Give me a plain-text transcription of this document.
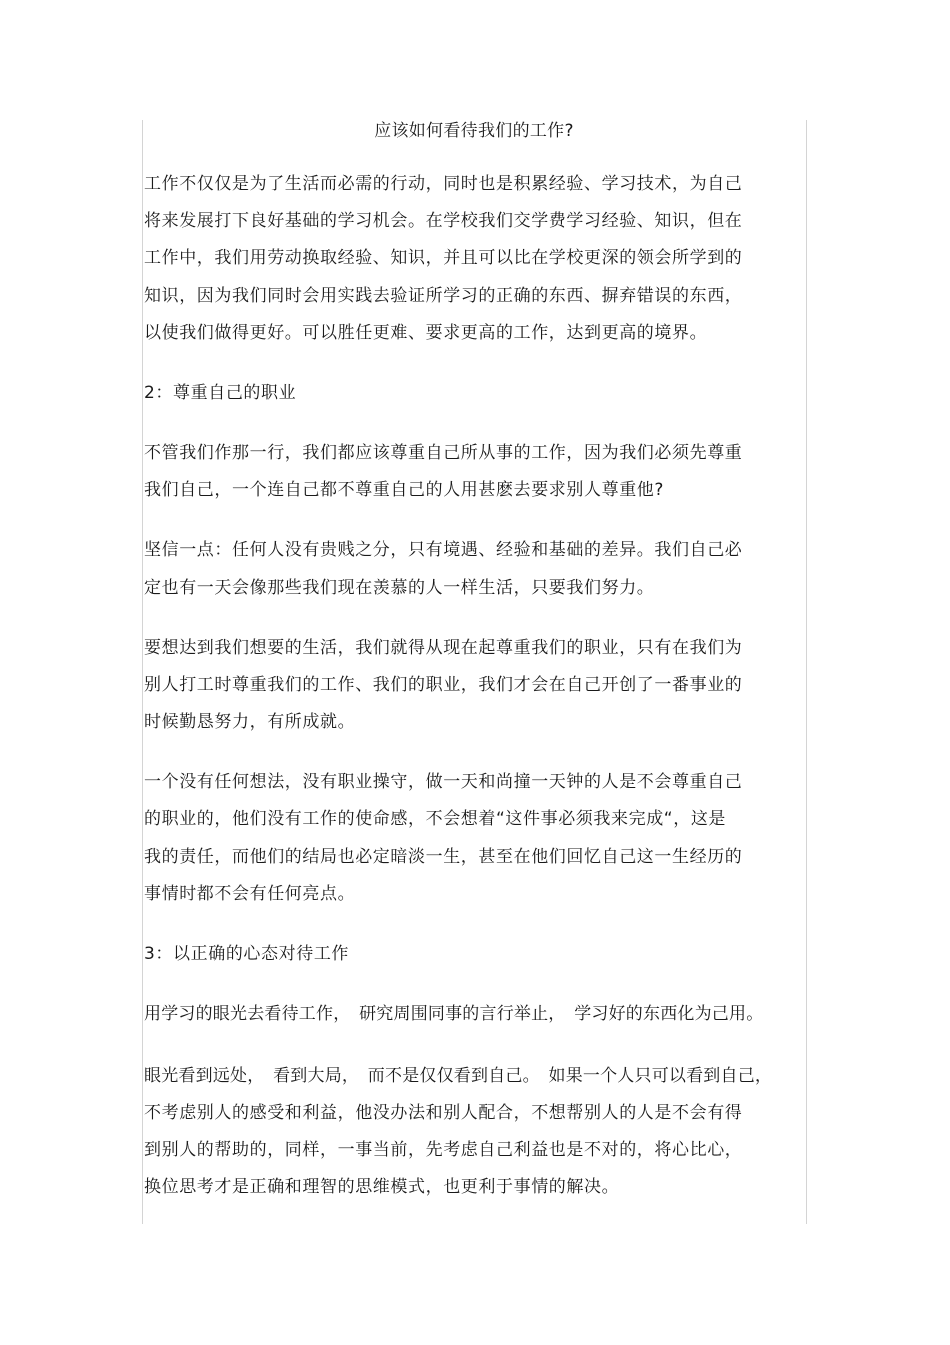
应该如何看待我们的工作?
工作不仅仅是为了生活而必需的行动，同时也是积累经验、学习技术，为自己
将来发展打下良好基础的学习机会。在学校我们交学费学习经验、知识，但在
工作中，我们用劳动换取经验、知识，并且可以比在学校更深的领会所学到的
知识，因为我们同时会用实践去验证所学习的正确的东西、摒弃错误的东西，
以使我们做得更好。可以胜任更难、要求更高的工作，达到更高的境界。
2：尊重自己的职业
不管我们作那一行，我们都应该尊重自己所从事的工作，因为我们必须先尊重
我们自己，一个连自己都不尊重自己的人用甚麽去要求别人尊重他?
坚信一点：任何人没有贵贱之分，只有境遇、经验和基础的差异。我们自己必
定也有一天会像那些我们现在羡慕的人一样生活，只要我们努力。
要想达到我们想要的生活，我们就得从现在起尊重我们的职业，只有在我们为
别人打工时尊重我们的工作、我们的职业，我们才会在自己开创了一番事业的
时候勤恳努力，有所成就。
一个没有任何想法，没有职业操守，做一天和尚撞一天钟的人是不会尊重自己
的职业的，他们没有工作的使命感，不会想着“这件事必须我来完成“，这是
我的责任，而他们的结局也必定暗淡一生，甚至在他们回忆自己这一生经历的
事情时都不会有任何亮点。
3：以正确的心态对待工作
用学习的眼光去看待工作，　研究周围同事的言行举止，　学习好的东西化为己用。
眼光看到远处，　看到大局，　而不是仅仅看到自己。　如果一个人只可以看到自己，
不考虑别人的感受和利益，他没办法和别人配合，不想帮别人的人是不会有得
到别人的帮助的，同样，一事当前，先考虑自己利益也是不对的，将心比心，
换位思考才是正确和理智的思维模式，也更利于事情的解决。
